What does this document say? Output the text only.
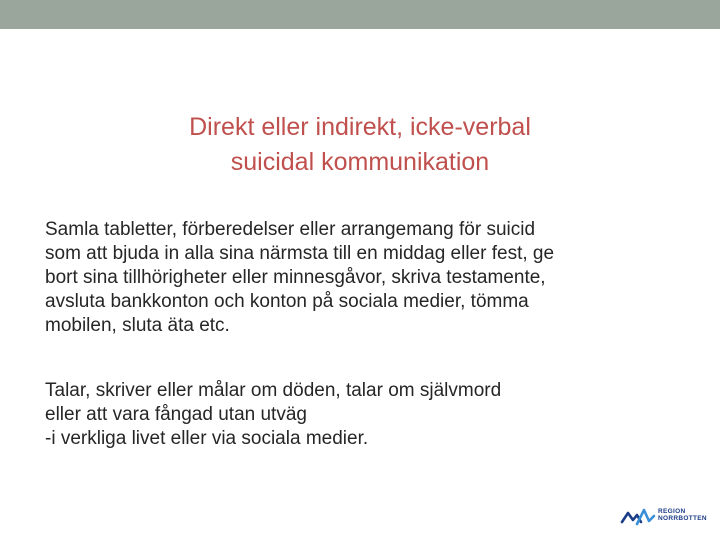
Direkt eller indirekt, icke-verbal
suicidal kommunikation

Samla tabletter, förberedelser eller arrangemang för suicid
som att bjuda in alla sina närmsta till en middag eller fest, ge
bort sina tillhörigheter eller minnesgåvor, skriva testamente,
avsluta bankkonton och konton på sociala medier, tömma
mobilen, sluta äta etc.

Talar, skriver eller målar om döden, talar om självmord
eller att vara fångad utan utväg
-i verkliga livet eller via sociala medier.

REGION
NORRBOTTEN
